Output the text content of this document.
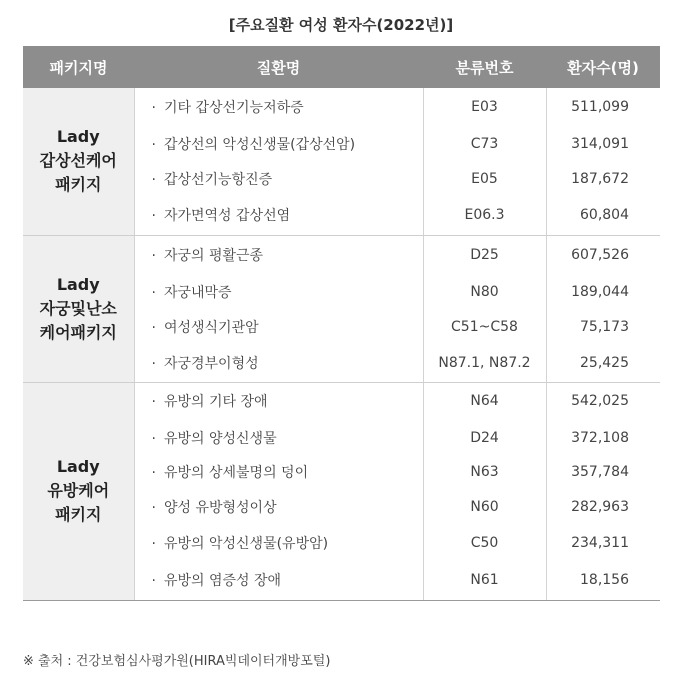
[주요질환 여성 환자수(2022년)]
패키지명	질환명	분류번호	환자수(명)

Lady
갑상선케어
패키지	· 기타 갑상선기능저하증	E03	511,099
	· 갑상선의 악성신생물(갑상선암)	C73	314,091
	· 갑상선기능항진증	E05	187,672
	· 자가면역성 갑상선염	E06.3	60,804

Lady
자궁및난소
케어패키지	· 자궁의 평활근종	D25	607,526
	· 자궁내막증	N80	189,044
	· 여성생식기관암	C51~C58	75,173
	· 자궁경부이형성	N87.1, N87.2	25,425

Lady
유방케어
패키지	· 유방의 기타 장애	N64	542,025
	· 유방의 양성신생물	D24	372,108
	· 유방의 상세불명의 덩이	N63	357,784
	· 양성 유방형성이상	N60	282,963
	· 유방의 악성신생물(유방암)	C50	234,311
	· 유방의 염증성 장애	N61	18,156
※ 출처 : 건강보험심사평가원(HIRA빅데이터개방포털)
